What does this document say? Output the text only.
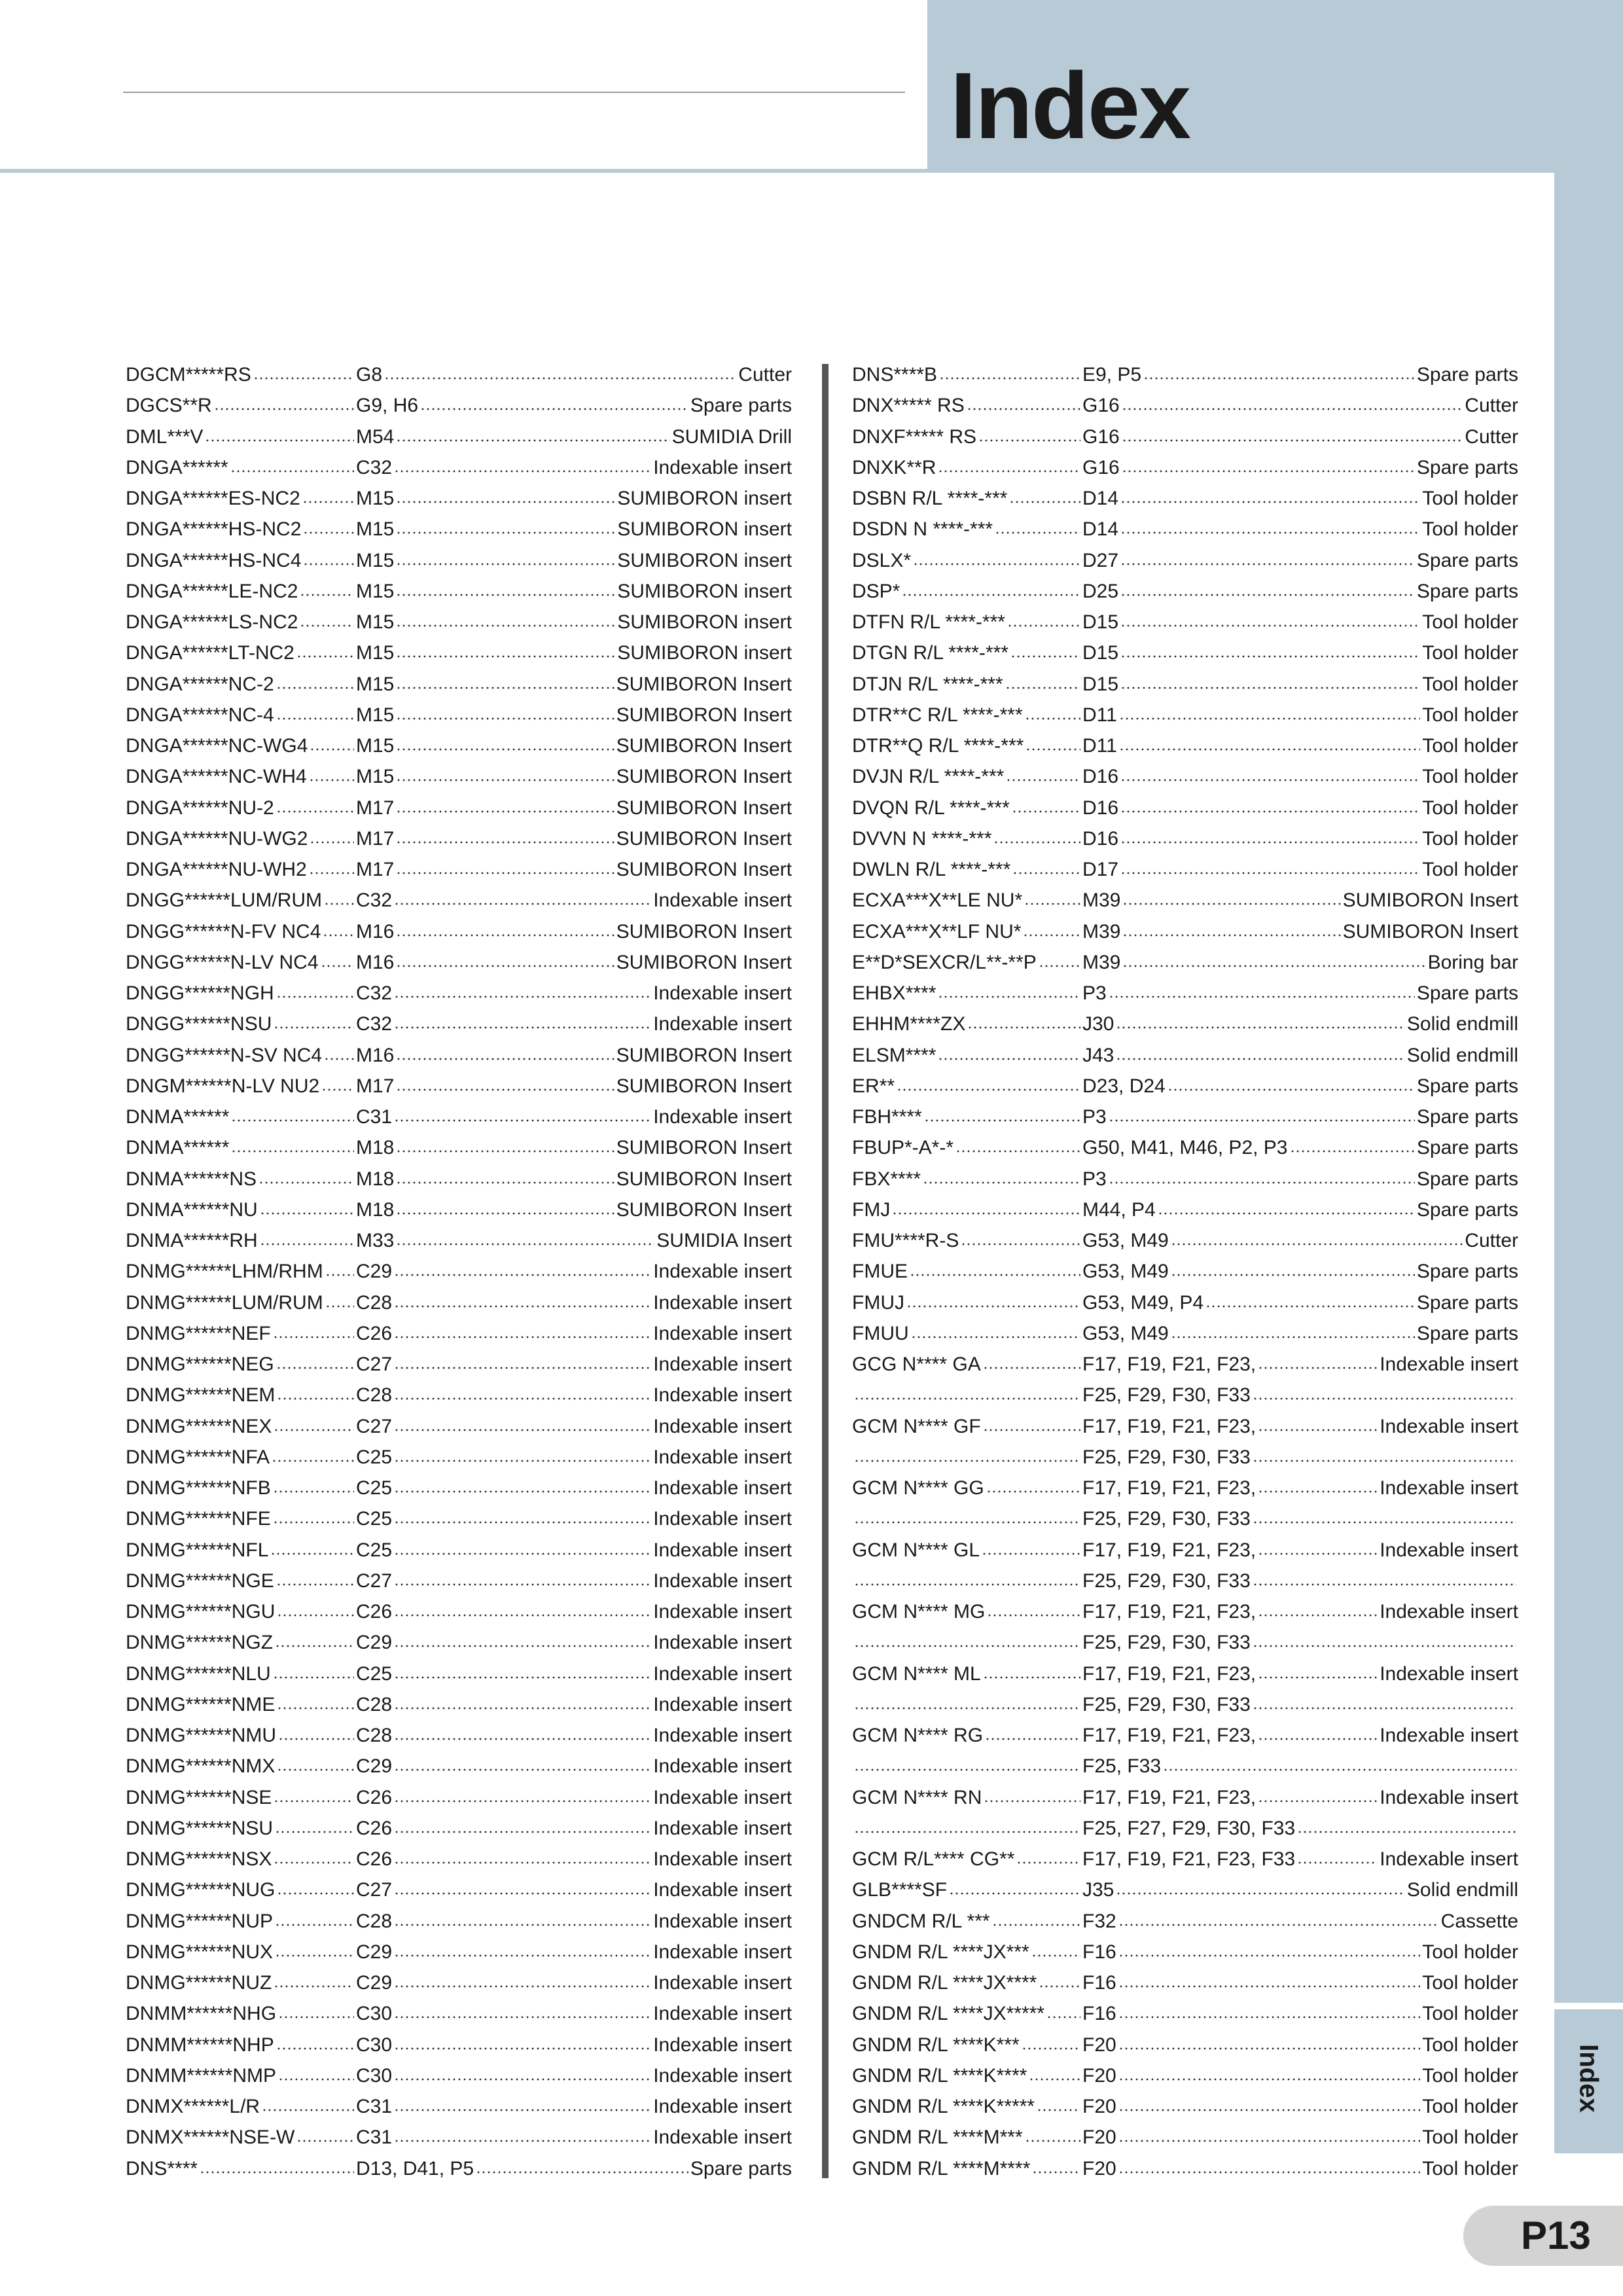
Index
Index
P13
DGCM*****RS	G8	Cutter
DGCS**R	G9, H6	Spare parts
DML***V	M54	SUMIDIA Drill
DNGA******	C32	Indexable insert
DNGA******ES-NC2	M15	SUMIBORON insert
DNGA******HS-NC2	M15	SUMIBORON insert
DNGA******HS-NC4	M15	SUMIBORON insert
DNGA******LE-NC2	M15	SUMIBORON insert
DNGA******LS-NC2	M15	SUMIBORON insert
DNGA******LT-NC2	M15	SUMIBORON insert
DNGA******NC-2	M15	SUMIBORON Insert
DNGA******NC-4	M15	SUMIBORON Insert
DNGA******NC-WG4 M15	SUMIBORON Insert
DNGA******NC-WH4	M15	SUMIBORON Insert
DNGA******NU-2	M17	SUMIBORON Insert
DNGA******NU-WG2 M17	SUMIBORON Insert
DNGA******NU-WH2	M17	SUMIBORON Insert
DNGG******LUM/RUM C32	Indexable insert
DNGG******N-FV NC4 M16	SUMIBORON Insert
DNGG******N-LV NC4 M16	SUMIBORON Insert
DNGG******NGH	C32	Indexable insert
DNGG******NSU	C32	Indexable insert
DNGG******N-SV NC4 M16	SUMIBORON Insert
DNGM******N-LV NU2 M17	SUMIBORON Insert
DNMA******	C31	Indexable insert
DNMA******	M18	SUMIBORON Insert
DNMA******NS	M18	SUMIBORON Insert
DNMA******NU	M18	SUMIBORON Insert
DNMA******RH	M33	SUMIDIA Insert
DNMG******LHM/RHM C29	Indexable insert
DNMG******LUM/RUM C28	Indexable insert
DNMG******NEF	C26	Indexable insert
DNMG******NEG	C27	Indexable insert
DNMG******NEM	C28	Indexable insert
DNMG******NEX	C27	Indexable insert
DNMG******NFA	C25	Indexable insert
DNMG******NFB	C25	Indexable insert
DNMG******NFE	C25	Indexable insert
DNMG******NFL	C25	Indexable insert
DNMG******NGE	C27	Indexable insert
DNMG******NGU	C26	Indexable insert
DNMG******NGZ	C29	Indexable insert
DNMG******NLU	C25	Indexable insert
DNMG******NME	C28	Indexable insert
DNMG******NMU	C28	Indexable insert
DNMG******NMX	C29	Indexable insert
DNMG******NSE	C26	Indexable insert
DNMG******NSU	C26	Indexable insert
DNMG******NSX	C26	Indexable insert
DNMG******NUG	C27	Indexable insert
DNMG******NUP	C28	Indexable insert
DNMG******NUX	C29	Indexable insert
DNMG******NUZ	C29	Indexable insert
DNMM******NHG	C30	Indexable insert
DNMM******NHP	C30	Indexable insert
DNMM******NMP	C30	Indexable insert
DNMX******L/R	C31	Indexable insert
DNMX******NSE-W	C31	Indexable insert
DNS****	D13, D41, P5	Spare parts
DNS****B	E9, P5	Spare parts
DNX***** RS	G16	Cutter
DNXF***** RS	G16	Cutter
DNXK**R	G16	Spare parts
DSBN R/L ****-***	D14	Tool holder
DSDN N ****-***	D14	Tool holder
DSLX*	D27	Spare parts
DSP*	D25	Spare parts
DTFN R/L ****-***	D15	Tool holder
DTGN R/L ****-***	D15	Tool holder
DTJN R/L ****-***	D15	Tool holder
DTR**C R/L ****-***	D11	Tool holder
DTR**Q R/L ****-***	D11	Tool holder
DVJN R/L ****-***	D16	Tool holder
DVQN R/L ****-***	D16	Tool holder
DVVN N ****-***	D16	Tool holder
DWLN R/L ****-***	D17	Tool holder
ECXA***X**LE NU*	M39	SUMIBORON Insert
ECXA***X**LF NU*	M39	SUMIBORON Insert
E**D*SEXCR/L**-**P M39	Boring bar
EHBX****	P3	Spare parts
EHHM****ZX	J30	Solid endmill
ELSM****	J43	Solid endmill
ER**	D23, D24	Spare parts
FBH****	P3	Spare parts
FBUP*-A*-*	G50, M41, M46, P2, P3	Spare parts
FBX****	P3	Spare parts
FMJ	M44, P4	Spare parts
FMU****R-S	G53, M49	Cutter
FMUE	G53, M49	Spare parts
FMUJ	G53, M49, P4	Spare parts
FMUU	G53, M49	Spare parts
GCG N**** GA	F17, F19, F21, F23,	Indexable insert
F25, F29, F30, F33
GCM N**** GF	F17, F19, F21, F23,	Indexable insert
F25, F29, F30, F33
GCM N**** GG	F17, F19, F21, F23,	Indexable insert
F25, F29, F30, F33
GCM N**** GL	F17, F19, F21, F23,	Indexable insert
F25, F29, F30, F33
GCM N**** MG	F17, F19, F21, F23,	Indexable insert
F25, F29, F30, F33
GCM N**** ML	F17, F19, F21, F23,	Indexable insert
F25, F29, F30, F33
GCM N**** RG	F17, F19, F21, F23,	Indexable insert
F25, F33
GCM N**** RN	F17, F19, F21, F23,	Indexable insert
F25, F27, F29, F30, F33
GCM R/L**** CG**	F17, F19, F21, F23, F33	Indexable insert
GLB****SF	J35	Solid endmill
GNDCM R/L ***	F32	Cassette
GNDM R/L ****JX***	F16	Tool holder
GNDM R/L ****JX**** F16	Tool holder
GNDM R/L ****JX***** F16	Tool holder
GNDM R/L ****K***	F20	Tool holder
GNDM R/L ****K****	F20	Tool holder
GNDM R/L ****K***** F20	Tool holder
GNDM R/L ****M***	F20	Tool holder
GNDM R/L ****M****	F20	Tool holder
